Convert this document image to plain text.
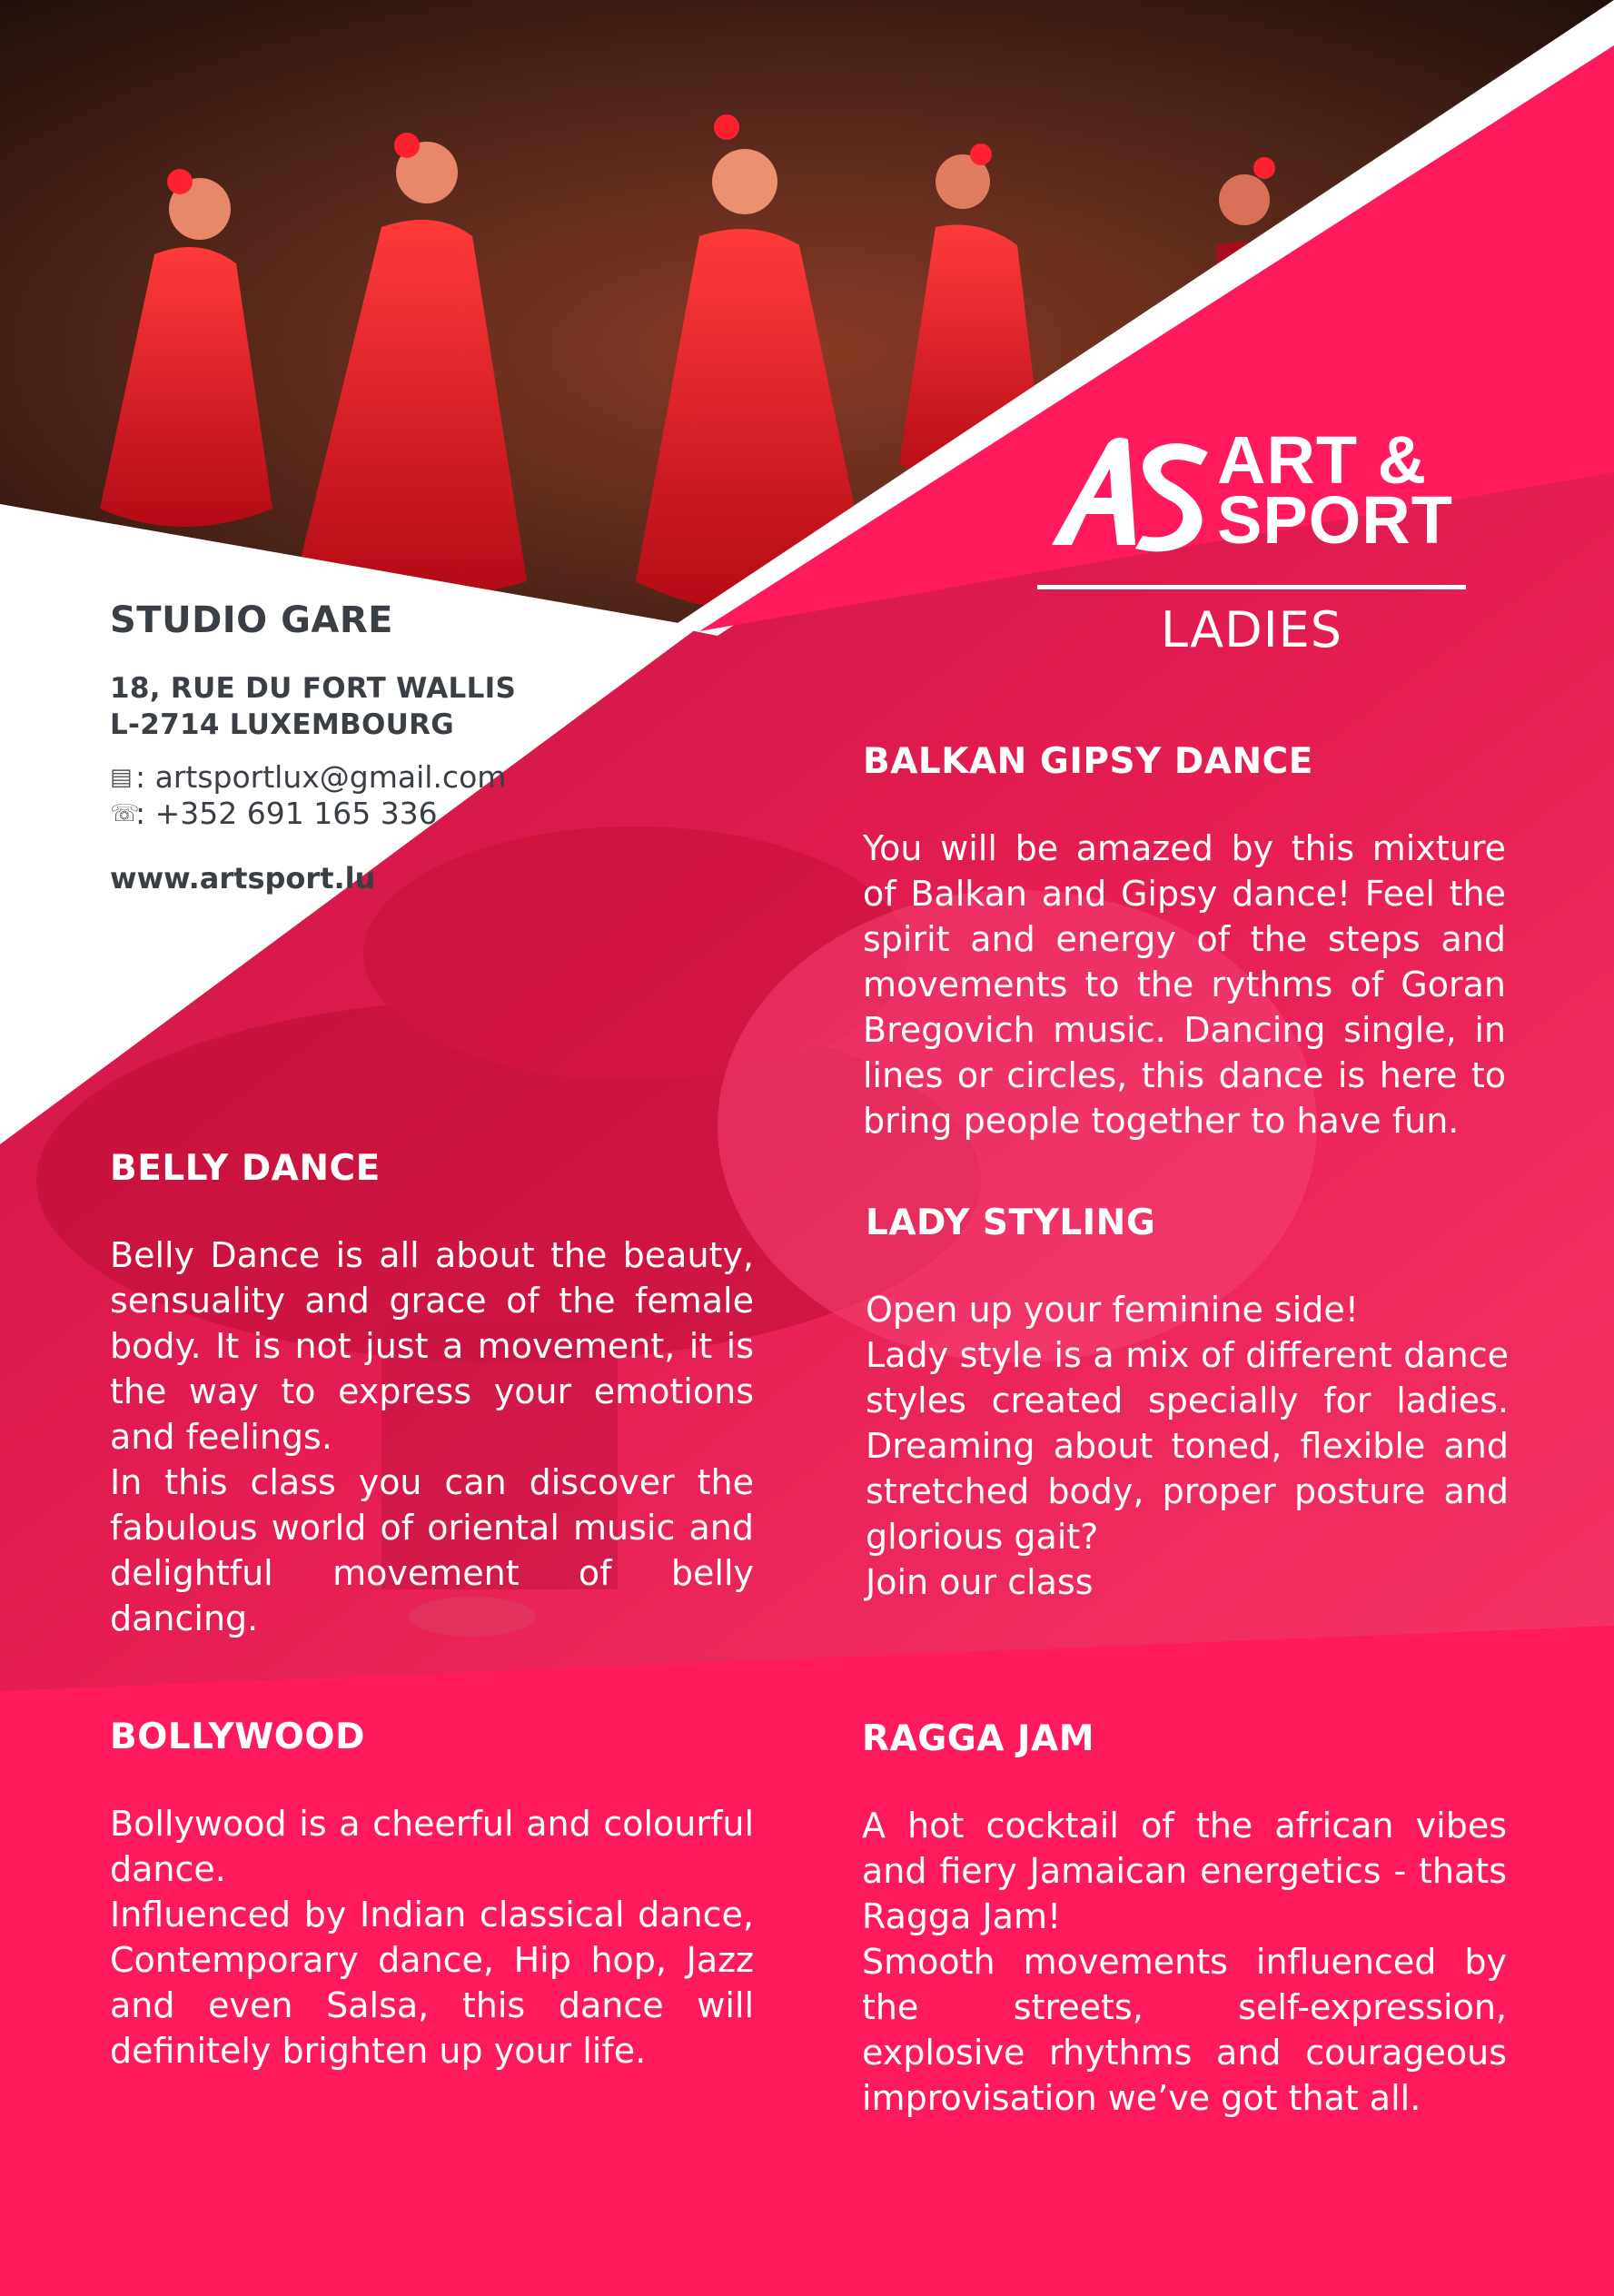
STUDIO GARE
18, RUE DU FORT WALLIS
L-2714 LUXEMBOURG
▤ : artsportlux@gmail.com
☏
: +352 691 165 336
www.artsport.lu
ART &
SPORT
LADIES
BALKAN GIPSY DANCE

You will be amazed by this mixture of Balkan and Gipsy dance! Feel the spirit and energy of the steps and movements to the rythms of Goran Bregovich music. Dancing single, in lines or circles, this dance is here to bring people together to have fun.

BELLY DANCE

Belly Dance is all about the beauty, sensuality and grace of the female body. It is not just a movement, it is the way to express your emotions and feelings.

In this class you can discover the fabulous world of oriental music and delightful movement of belly dancing.

LADY STYLING

Open up your feminine side!

Lady style is a mix of different dance styles created specially for ladies. Dreaming about toned, flexible and stretched body, proper posture and glorious gait?

Join our class

BOLLYWOOD

Bollywood is a cheerful and colourful dance.

Influenced by Indian classical dance, Contemporary dance, Hip hop, Jazz and even Salsa, this dance will definitely brighten up your life.

RAGGA JAM

A hot cocktail of the african vibes and fiery Jamaican energetics - thats Ragga Jam!

Smooth movements influenced by the streets, self-expression, explosive rhythms and courageous improvisation we’ve got that all.
